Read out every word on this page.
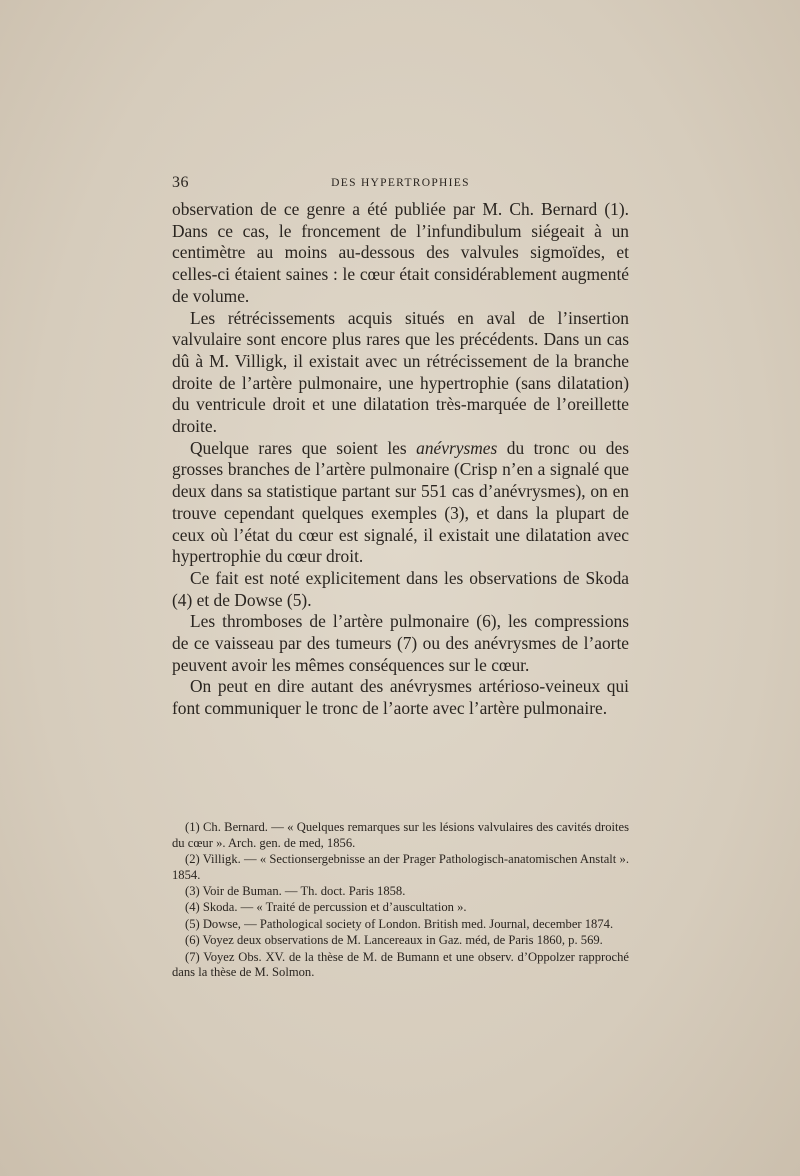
36	DES HYPERTROPHIES

observation de ce genre a été publiée par M. Ch. Bernard (1). Dans ce cas, le froncement de l’infundibulum siégeait à un centimètre au moins au-dessous des valvules sigmoïdes, et celles-ci étaient saines : le cœur était considérablement augmenté de volume.

Les rétrécissements acquis situés en aval de l’insertion valvulaire sont encore plus rares que les précédents. Dans un cas dû à M. Villigk, il existait avec un rétrécissement de la branche droite de l’artère pulmonaire, une hypertrophie (sans dilatation) du ventricule droit et une dilatation très-marquée de l’oreillette droite.

Quelque rares que soient les anévrysmes du tronc ou des grosses branches de l’artère pulmonaire (Crisp n’en a signalé que deux dans sa statistique partant sur 551 cas d’anévrysmes), on en trouve cependant quelques exemples (3), et dans la plupart de ceux où l’état du cœur est signalé, il existait une dilatation avec hypertrophie du cœur droit.

Ce fait est noté explicitement dans les observations de Skoda (4) et de Dowse (5).

Les thromboses de l’artère pulmonaire (6), les compressions de ce vaisseau par des tumeurs (7) ou des anévrysmes de l’aorte peuvent avoir les mêmes conséquences sur le cœur.

On peut en dire autant des anévrysmes artérioso-veineux qui font communiquer le tronc de l’aorte avec l’artère pulmonaire.

(1) Ch. Bernard. — « Quelques remarques sur les lésions valvulaires des cavités droites du cœur ». Arch. gen. de med, 1856.

(2) Villigk. — « Sectionsergebnisse an der Prager Pathologisch-anatomischen Anstalt ». 1854.

(3) Voir de Buman. — Th. doct. Paris 1858.

(4) Skoda. — « Traité de percussion et d’auscultation ».

(5) Dowse, — Pathological society of London. British med. Journal, december 1874.

(6) Voyez deux observations de M. Lancereaux in Gaz. méd, de Paris 1860, p. 569.

(7) Voyez Obs. XV. de la thèse de M. de Bumann et une observ. d’Oppolzer rapproché dans la thèse de M. Solmon.
